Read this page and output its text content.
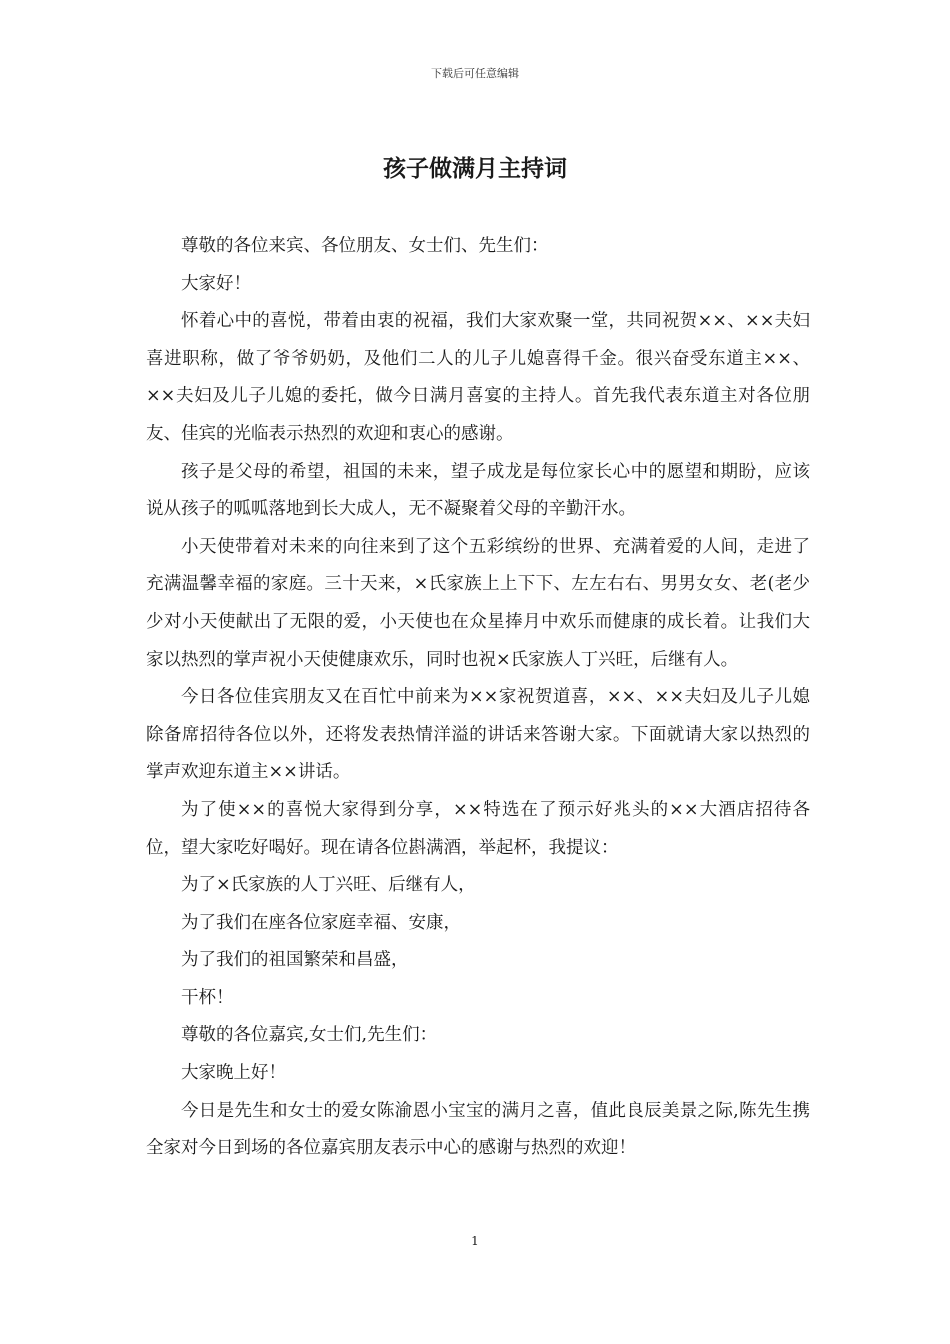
下载后可任意编辑
孩子做满月主持词

尊敬的各位来宾、各位朋友、女士们、先生们：

大家好！

怀着心中的喜悦，带着由衷的祝福，我们大家欢聚一堂，共同祝贺××、××夫妇喜进职称，做了爷爷奶奶，及他们二人的儿子儿媳喜得千金。很兴奋受东道主××、××夫妇及儿子儿媳的委托，做今日满月喜宴的主持人。首先我代表东道主对各位朋友、佳宾的光临表示热烈的欢迎和衷心的感谢。

孩子是父母的希望，祖国的未来，望子成龙是每位家长心中的愿望和期盼，应该说从孩子的呱呱落地到长大成人，无不凝聚着父母的辛勤汗水。

小天使带着对未来的向往来到了这个五彩缤纷的世界、充满着爱的人间，走进了充满温馨幸福的家庭。三十天来，×氏家族上上下下、左左右右、男男女女、老(老少少对小天使献出了无限的爱，小天使也在众星捧月中欢乐而健康的成长着。让我们大家以热烈的掌声祝小天使健康欢乐，同时也祝×氏家族人丁兴旺，后继有人。

今日各位佳宾朋友又在百忙中前来为××家祝贺道喜，××、××夫妇及儿子儿媳除备席招待各位以外，还将发表热情洋溢的讲话来答谢大家。下面就请大家以热烈的掌声欢迎东道主××讲话。

为了使××的喜悦大家得到分享，××特选在了预示好兆头的××大酒店招待各位，望大家吃好喝好。现在请各位斟满酒，举起杯，我提议：

为了×氏家族的人丁兴旺、后继有人，

为了我们在座各位家庭幸福、安康，

为了我们的祖国繁荣和昌盛，

干杯！

尊敬的各位嘉宾,女士们,先生们：

大家晚上好！

今日是先生和女士的爱女陈渝恩小宝宝的满月之喜，值此良辰美景之际,陈先生携全家对今日到场的各位嘉宾朋友表示中心的感谢与热烈的欢迎！

1
